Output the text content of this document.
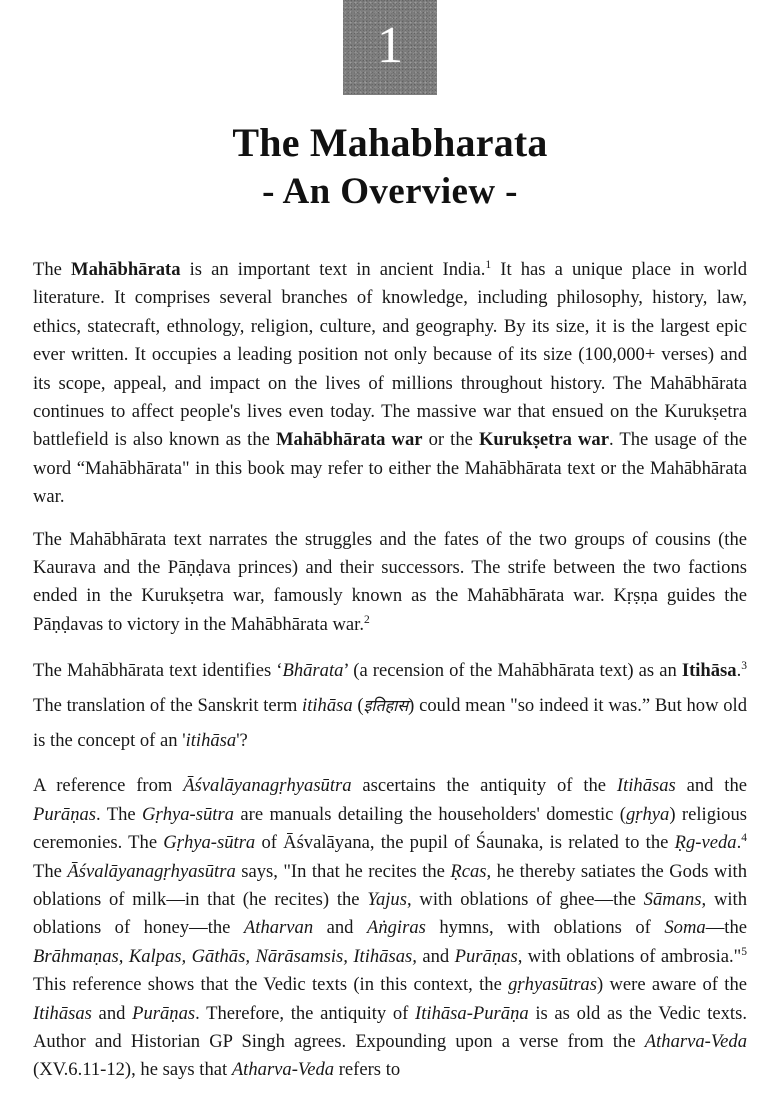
1
The Mahabharata
- An Overview -

The Mahābhārata is an important text in ancient India.$^1$ It has a unique place in world literature. It comprises several branches of knowledge, including philosophy, history, law, ethics, statecraft, ethnology, religion, culture, and geography. By its size, it is the largest epic ever written. It occupies a leading position not only because of its size (100,000+ verses) and its scope, appeal, and impact on the lives of millions throughout history. The Mahābhārata continues to affect people's lives even today. The massive war that ensued on the Kurukṣetra battlefield is also known as the Mahābhārata war or the Kurukṣetra war. The usage of the word “Mahābhārata" in this book may refer to either the Mahābhārata text or the Mahābhārata war.

The Mahābhārata text narrates the struggles and the fates of the two groups of cousins (the Kaurava and the Pāṇḍava princes) and their successors. The strife between the two factions ended in the Kurukṣetra war, famously known as the Mahābhārata war. Kṛṣṇa guides the Pāṇḍavas to victory in the Mahābhārata war.$^2$

The Mahābhārata text identifies ‘Bhārata’ (a recension of the Mahābhārata text) as an Itihāsa.$^3$ The translation of the Sanskrit term itihāsa (इतिहास) could mean "so indeed it was.” But how old is the concept of an 'itihāsa'?

A reference from Āśvalāyanagṛhyasūtra ascertains the antiquity of the Itihāsas and the Purāṇas. The Gṛhya-sūtra are manuals detailing the householders' domestic (gṛhya) religious ceremonies. The Gṛhya-sūtra of Āśvalāyana, the pupil of Śaunaka, is related to the Ṛg-veda.$^4$ The Āśvalāyanagṛhyasūtra says, "In that he recites the Ṛcas, he thereby satiates the Gods with oblations of milk—in that (he recites) the Yajus, with oblations of ghee—the Sāmans, with oblations of honey—the Atharvan and Aṅgiras hymns, with oblations of Soma—the Brāhmaṇas, Kalpas, Gāthās, Nārāsamsis, Itihāsas, and Purāṇas, with oblations of ambrosia."$^5$ This reference shows that the Vedic texts (in this context, the gṛhyasūtras) were aware of the Itihāsas and Purāṇas. Therefore, the antiquity of Itihāsa-Purāṇa is as old as the Vedic texts. Author and Historian GP Singh agrees. Expounding upon a verse from the Atharva-Veda (XV.6.11-12), he says that Atharva-Veda refers to
